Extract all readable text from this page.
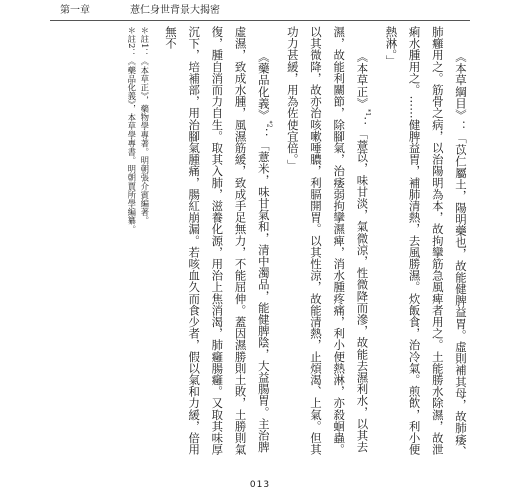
第一章	薏仁身世背景大揭密

《本草綱目》：「苡仁屬土，陽明藥也，故能健脾益胃。虛則補其母，故肺痿、肺癰用之。筋骨之病，以治陽明為本，故拘攣筋急風痺者用之。土能勝水除濕，故泄痢水腫用之。……健脾益胃，補肺清熱，去風勝濕。炊飯食，治冷氣。煎飲，利小便熱淋。」

《本草正》$^{*1}$：「薏苡，味甘淡，氣微涼，性微降而滲，故能去濕利水，以其去濕，故能利關節，除腳氣，治痿弱拘攣濕痺，消水腫疼痛，利小便熱淋，亦殺蛔蟲。以其微降，故亦治咳嗽唾膿，利膈開胃。以其性涼，故能清熱，止煩渴、上氣。但其功力甚緩，用為佐使宜倍。」

《藥品化義》$^{*2}$：「薏米，味甘氣和，清中濁品，能健脾陰，大益腸胃。主治脾虛濕，致成水腫，風濕筋緩，致成手足無力，不能屈伸。蓋因濕勝則土敗，土勝則氣復，腫自消而力自生。取其入肺，滋養化源，用治上焦消渴，肺癰腸癰。又取其味厚沉下，培補部，用治腳氣腫痛，腸紅崩漏。若咳血久而食少者，假以氣和力緩，倍用無不

＊註1：《本草正》，藥物學專著。明朝張介賓編著。

＊註2：《藥品化義》，本草學專書。明朝賈所學編纂。

013
